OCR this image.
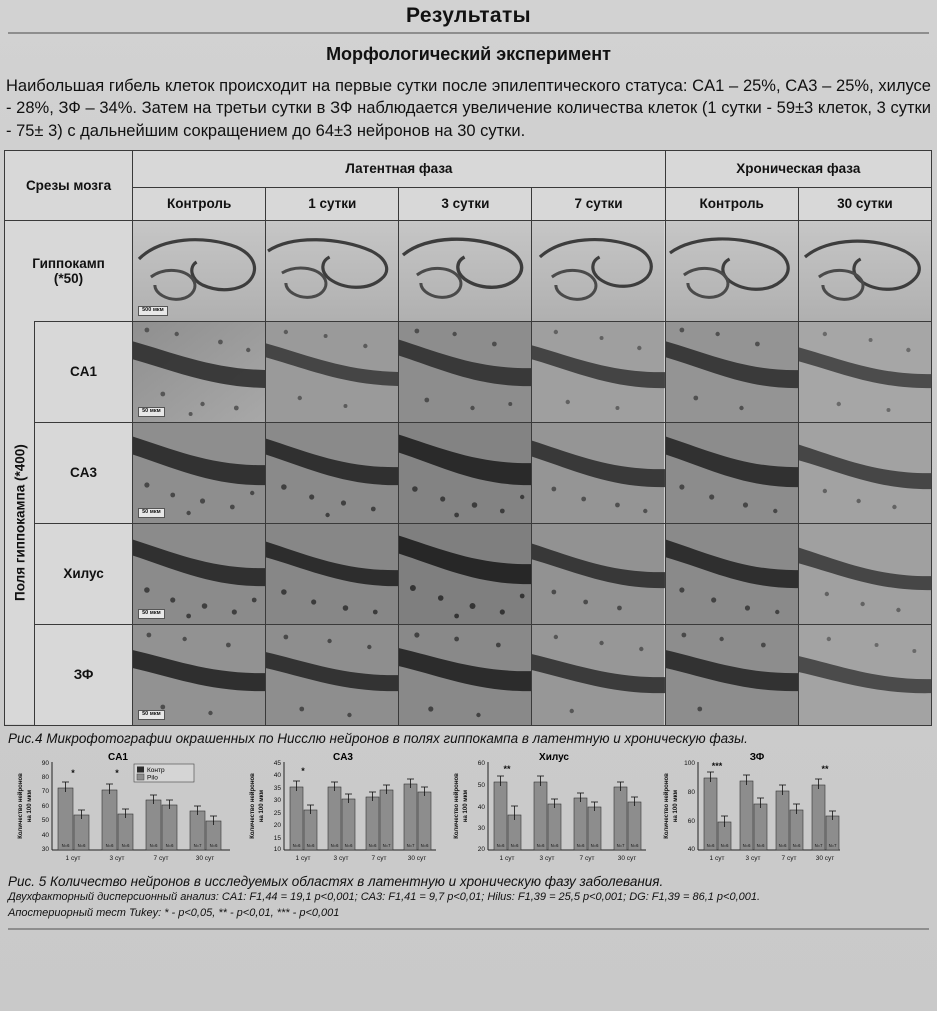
Результаты
Морфологический эксперимент
Наибольшая гибель клеток происходит на первые сутки после эпилептического статуса: CA1 – 25%, CA3 – 25%, хилусе - 28%, ЗФ – 34%. Затем на третьи сутки в ЗФ наблюдается увеличение количества клеток (1 сутки - 59±3 клеток, 3 сутки - 75± 3) с дальнейшим сокращением до 64±3 нейронов на 30 сутки.
Срезы мозга		Латентная фаза				Хроническая фаза	
		Контроль	1 сутки	3 сутки	7 сутки	Контроль	30 сутки

Гиппокамп
(*50)		500 мкм

Поля гиппокампа (*400)	CA1	50 мкм

	CA3	50 мкм

	Хилус	50 мкм

	ЗФ	50 мкм

Рис.4 Микрофотографии окрашенных по Нисслю нейронов в полях гиппокампа в латентную и хроническую фазы.
CA1
90
80
70
60
50
40
30
Количество нейронов на 100 мкм
*	*	Контр
Pilo
N=6 N=6	N=6 N=6	N=6 N=6	N=7 N=6
1 сут	3 сут	7 сут	30 сут
CA3
45
40
35
30
25
20
15
10
Количество нейронов на 100 мкм
*
N=6 N=6	N=6 N=6	N=6 N=7	N=7 N=6
1 сут	3 сут	7 сут	30 сут
Хилус
60
50
40
30
20
Количество нейронов на 100 мкм
**
N=6 N=6	N=6 N=6	N=6 N=6	N=7 N=6
1 сут	3 сут	7 сут	30 сут
ЗФ
100
80
60
40
Количество нейронов на 100 мкм
***	**
N=6 N=6	N=6 N=6	N=6 N=6	N=7 N=7
1 сут	3 сут	7 сут	30 сут
Рис. 5 Количество нейронов в исследуемых областях в латентную и хроническую фазу заболевания.
Двухфакторный дисперсионный анализ: CA1: F1,44 = 19,1 p<0,001; CA3: F1,41 = 9,7 p<0,01; Hilus: F1,39 = 25,5 p<0,001; DG: F1,39 = 86,1 p<0,001.
Апостериорный тест Tukey: * - p<0,05, ** - p<0,01, *** - p<0,001
